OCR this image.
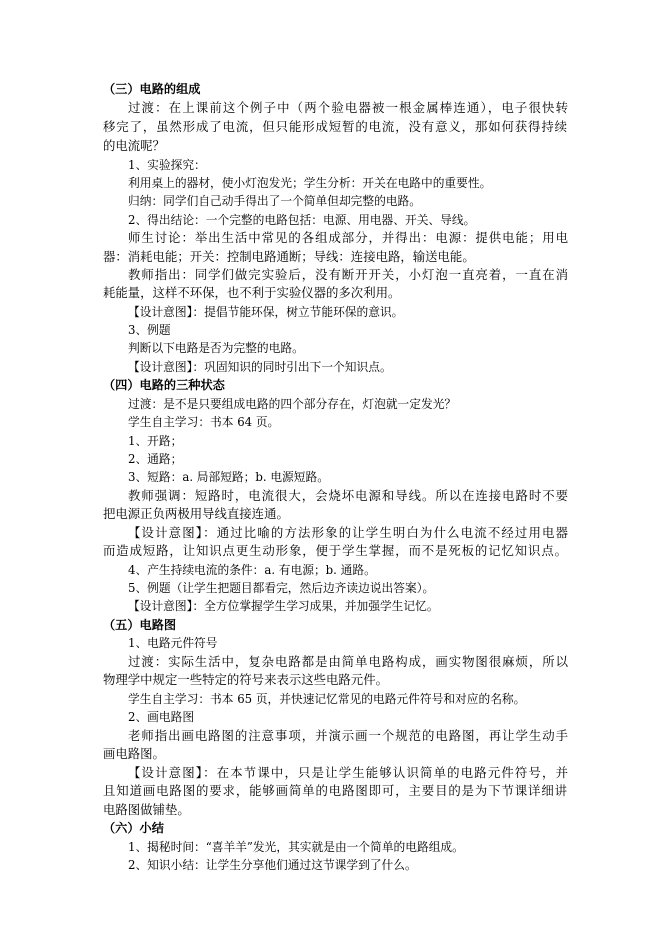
（三）电路的组成
过渡：在上课前这个例子中（两个验电器被一根金属棒连通），电子很快转
移完了，虽然形成了电流，但只能形成短暂的电流，没有意义，那如何获得持续
的电流呢？
1、实验探究：
利用桌上的器材，使小灯泡发光；学生分析：开关在电路中的重要性。
归纳：同学们自己动手得出了一个简单但却完整的电路。
2、得出结论：一个完整的电路包括：电源、用电器、开关、导线。
师生讨论：举出生活中常见的各组成部分，并得出：电源：提供电能；用电
器：消耗电能；开关：控制电路通断；导线：连接电路，输送电能。
教师指出：同学们做完实验后，没有断开开关，小灯泡一直亮着，一直在消
耗能量，这样不环保，也不利于实验仪器的多次利用。
【设计意图】：提倡节能环保，树立节能环保的意识。
3、例题
判断以下电路是否为完整的电路。
【设计意图】：巩固知识的同时引出下一个知识点。
（四）电路的三种状态
过渡：是不是只要组成电路的四个部分存在，灯泡就一定发光？
学生自主学习：书本 64 页。
1、开路；
2、通路；
3、短路：a. 局部短路；b. 电源短路。
教师强调：短路时，电流很大，会烧坏电源和导线。所以在连接电路时不要
把电源正负两极用导线直接连通。
【设计意图】：通过比喻的方法形象的让学生明白为什么电流不经过用电器
而造成短路，让知识点更生动形象，便于学生掌握，而不是死板的记忆知识点。
4、产生持续电流的条件：a. 有电源；b. 通路。
5、例题（让学生把题目都看完，然后边齐读边说出答案）。
【设计意图】：全方位掌握学生学习成果，并加强学生记忆。
（五）电路图
1、电路元件符号
过渡：实际生活中，复杂电路都是由简单电路构成，画实物图很麻烦，所以
物理学中规定一些特定的符号来表示这些电路元件。
学生自主学习：书本 65 页，并快速记忆常见的电路元件符号和对应的名称。
2、画电路图
老师指出画电路图的注意事项，并演示画一个规范的电路图，再让学生动手
画电路图。
【设计意图】：在本节课中，只是让学生能够认识简单的电路元件符号，并
且知道画电路图的要求，能够画简单的电路图即可，主要目的是为下节课详细讲
电路图做铺垫。
（六）小结
1、揭秘时间：“喜羊羊”发光，其实就是由一个简单的电路组成。
2、知识小结：让学生分享他们通过这节课学到了什么。
